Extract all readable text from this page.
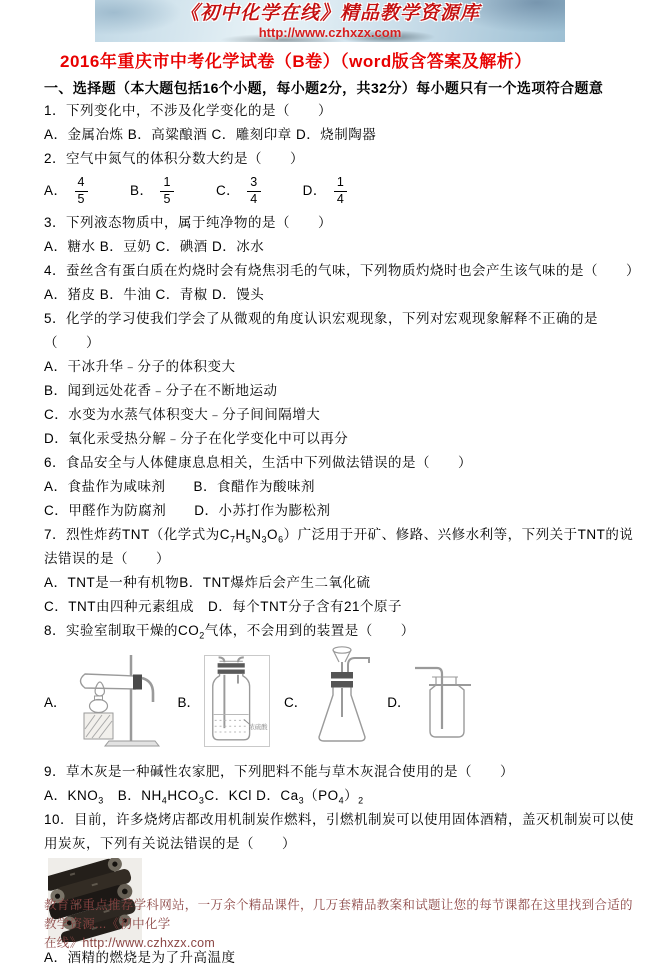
《初中化学在线》精品教学资源库
http://www.czhxzx.com
2016年重庆市中考化学试卷（B卷）（word版含答案及解析）
一、选择题（本大题包括16个小题，每小题2分，共32分）每小题只有一个选项符合题意

1．下列变化中，不涉及化学变化的是（　　）

A．金属冶炼 B．高粱酿酒 C．雕刻印章 D．烧制陶器

2．空气中氮气的体积分数大约是（　　）

A． $\frac{4}{5}$	B． $\frac{1}{5}$	C． $\frac{3}{4}$	D． $\frac{1}{4}$

3．下列液态物质中，属于纯净物的是（　　）

A．糖水 B．豆奶 C．碘酒 D．冰水

4．蚕丝含有蛋白质在灼烧时会有烧焦羽毛的气味，下列物质灼烧时也会产生该气味的是（　　）

A．猪皮 B．牛油 C．青椒 D．馒头

5．化学的学习使我们学会了从微观的角度认识宏观现象，下列对宏观现象解释不正确的是（　　）

A．干冰升华﹣分子的体积变大

B．闻到远处花香﹣分子在不断地运动

C．水变为水蒸气体积变大﹣分子间间隔增大

D．氧化汞受热分解﹣分子在化学变化中可以再分

6．食品安全与人体健康息息相关，生活中下列做法错误的是（　　）

A．食盐作为咸味剂　　B．食醋作为酸味剂

C．甲醛作为防腐剂　　D．小苏打作为膨松剂

7．烈性炸药TNT（化学式为$C_7H_5N_3O_6$）广泛用于开矿、修路、兴修水利等，下列关于TNT的说法错误的是（　　）

A．TNT是一种有机物B．TNT爆炸后会产生二氧化硫

C．TNT由四种元素组成　D．每个TNT分子含有21个原子

8．实验室制取干燥的$CO_2$气体，不会用到的装置是（　　）

A．	B．
浓硫酸
C．	D．

9．草木灰是一种碱性农家肥，下列肥料不能与草木灰混合使用的是（　　）

A．$KNO_3$　B．$NH_4HCO_3C$．KCl D．$Ca_3(PO_4)_2$

10．目前，许多烧烤店都改用机制炭作燃料，引燃机制炭可以使用固体酒精，盖灭机制炭可以使用炭灰，下列有关说法错误的是（　　）

A．酒精的燃烧是为了升高温度

教育部重点推荐学科网站，一万余个精品课件，几万套精品教案和试题让您的每节课都在这里找到合适的教学资源...《初中化学
在线》http://www.czhxzx.com
